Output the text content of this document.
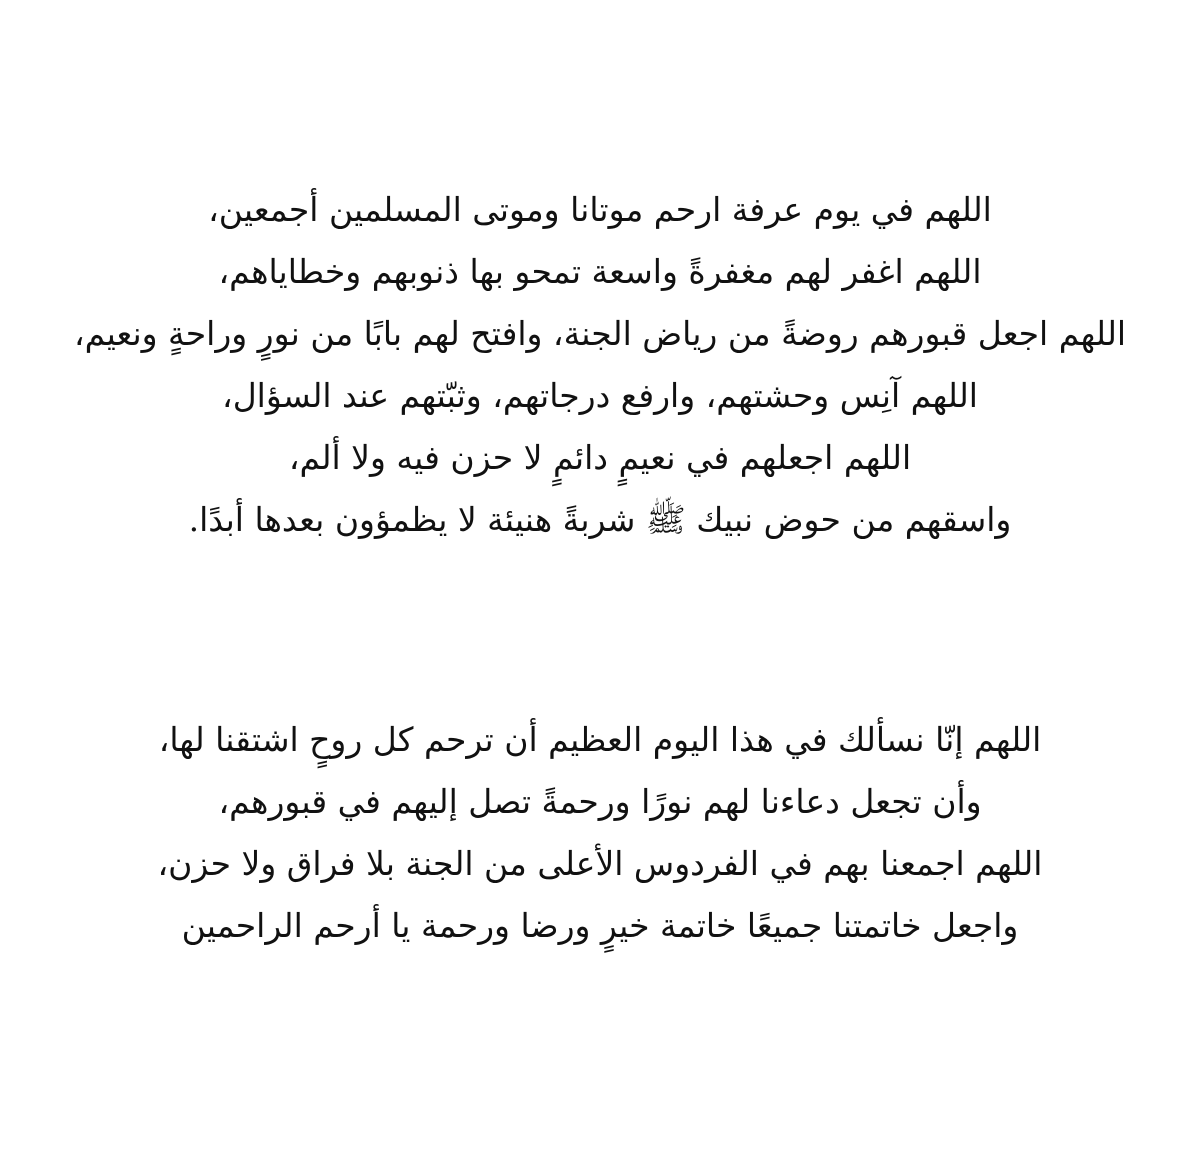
اللهم في يوم عرفة ارحم موتانا وموتى المسلمين أجمعين،
اللهم اغفر لهم مغفرةً واسعة تمحو بها ذنوبهم وخطاياهم،
اللهم اجعل قبورهم روضةً من رياض الجنة، وافتح لهم بابًا من نورٍ وراحةٍ ونعيم،
اللهم آنِس وحشتهم، وارفع درجاتهم، وثبّتهم عند السؤال،
اللهم اجعلهم في نعيمٍ دائمٍ لا حزن فيه ولا ألم،
واسقهم من حوض نبيك ﷺ شربةً هنيئة لا يظمؤون بعدها أبدًا.
اللهم إنّا نسألك في هذا اليوم العظيم أن ترحم كل روحٍ اشتقنا لها،
وأن تجعل دعاءنا لهم نورًا ورحمةً تصل إليهم في قبورهم،
اللهم اجمعنا بهم في الفردوس الأعلى من الجنة بلا فراق ولا حزن،
واجعل خاتمتنا جميعًا خاتمة خيرٍ ورضا ورحمة يا أرحم الراحمين
